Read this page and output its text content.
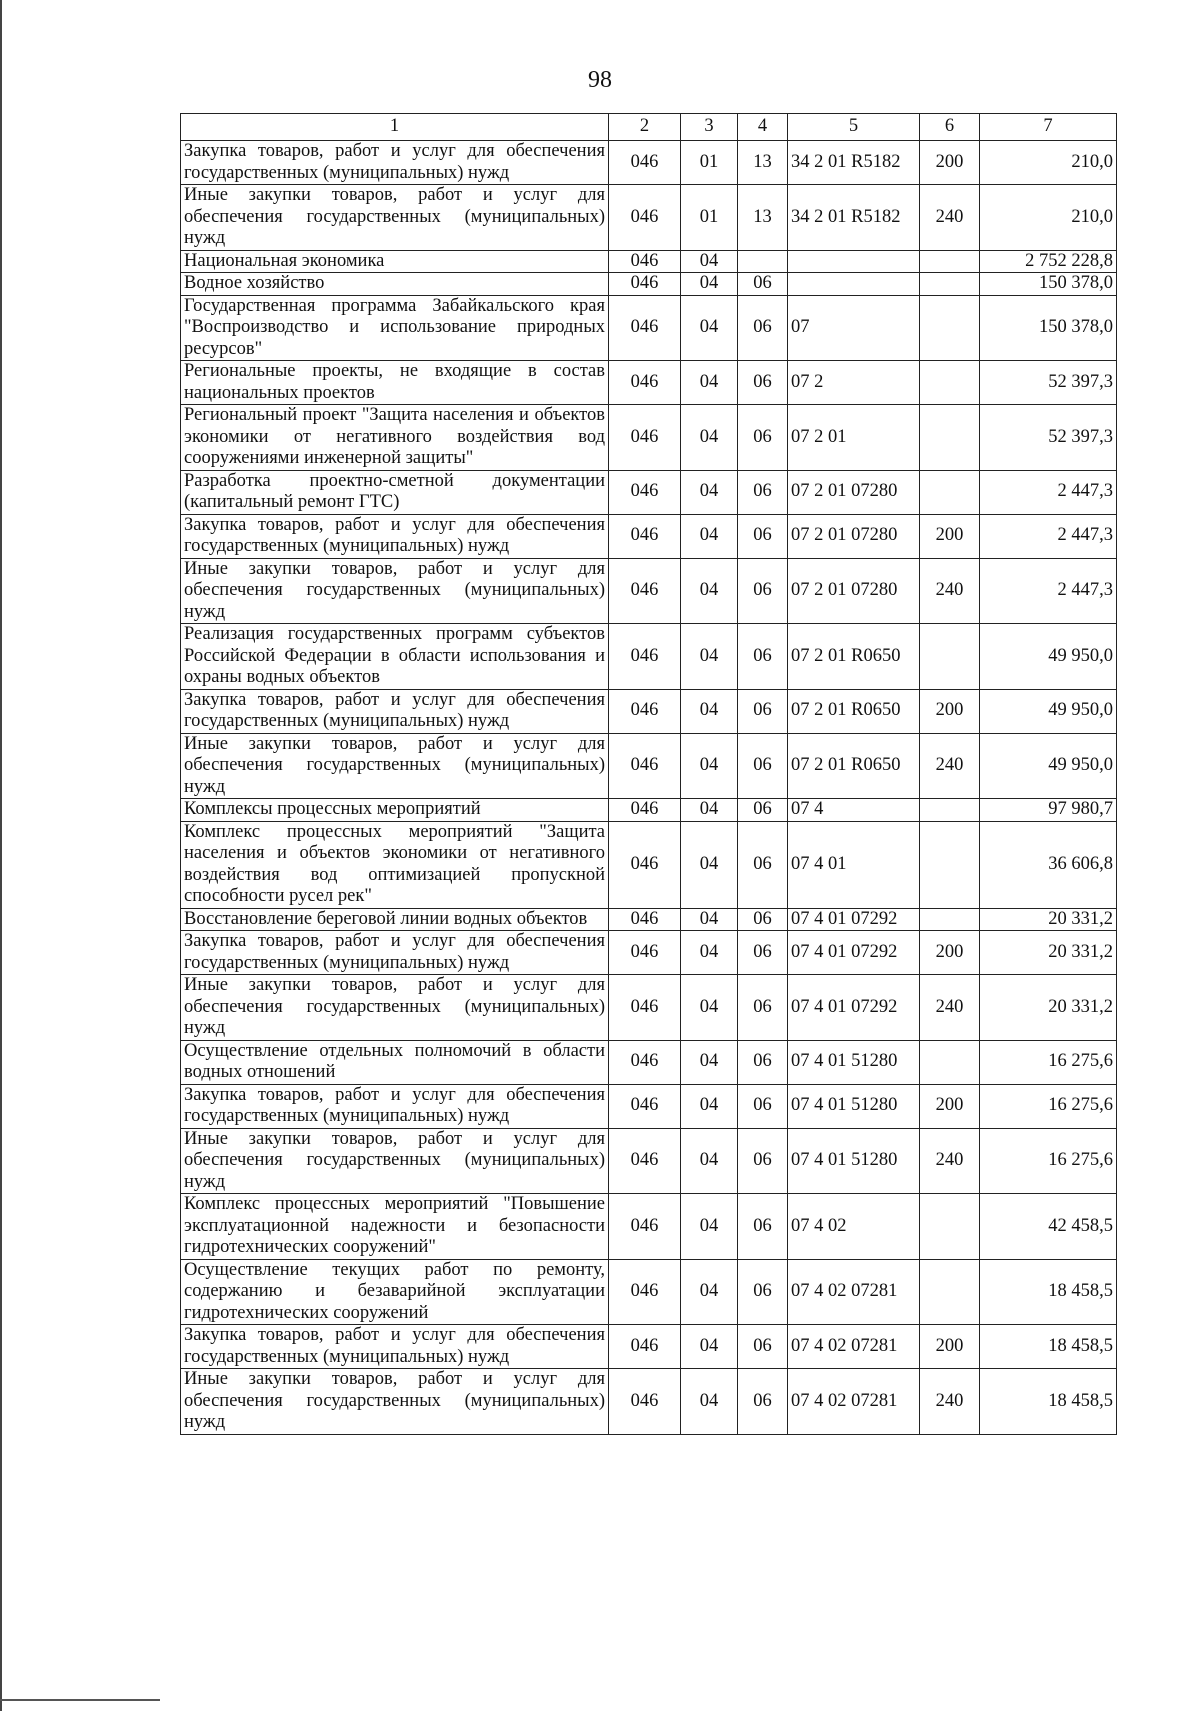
98
1	2	3	4	5	6	7
Закупка товаров, работ и услуг для обеспечения государственных (муниципальных) нужд	046	01	13	34 2 01 R5182	200	210,0
Иные закупки товаров, работ и услуг для обеспечения государственных (муниципальных) нужд	046	01	13	34 2 01 R5182	240	210,0
Национальная экономика	046	04				2 752 228,8
Водное хозяйство	046	04	06			150 378,0
Государственная программа Забайкальского края "Воспроизводство и использование природных ресурсов"	046	04	06	07		150 378,0
Региональные проекты, не входящие в состав национальных проектов	046	04	06	07 2		52 397,3
Региональный проект "Защита населения и объектов экономики от негативного воздействия вод сооружениями инженерной защиты"	046	04	06	07 2 01		52 397,3
Разработка проектно-сметной документации (капитальный ремонт ГТС)	046	04	06	07 2 01 07280		2 447,3
Закупка товаров, работ и услуг для обеспечения государственных (муниципальных) нужд	046	04	06	07 2 01 07280	200	2 447,3
Иные закупки товаров, работ и услуг для обеспечения государственных (муниципальных) нужд	046	04	06	07 2 01 07280	240	2 447,3
Реализация государственных программ субъектов Российской Федерации в области использования и охраны водных объектов	046	04	06	07 2 01 R0650		49 950,0
Закупка товаров, работ и услуг для обеспечения государственных (муниципальных) нужд	046	04	06	07 2 01 R0650	200	49 950,0
Иные закупки товаров, работ и услуг для обеспечения государственных (муниципальных) нужд	046	04	06	07 2 01 R0650	240	49 950,0
Комплексы процессных мероприятий	046	04	06	07 4		97 980,7
Комплекс процессных мероприятий "Защита населения и объектов экономики от негативного воздействия вод оптимизацией пропускной способности русел рек"	046	04	06	07 4 01		36 606,8
Восстановление береговой линии водных объектов	046	04	06	07 4 01 07292		20 331,2
Закупка товаров, работ и услуг для обеспечения государственных (муниципальных) нужд	046	04	06	07 4 01 07292	200	20 331,2
Иные закупки товаров, работ и услуг для обеспечения государственных (муниципальных) нужд	046	04	06	07 4 01 07292	240	20 331,2
Осуществление отдельных полномочий в области водных отношений	046	04	06	07 4 01 51280		16 275,6
Закупка товаров, работ и услуг для обеспечения государственных (муниципальных) нужд	046	04	06	07 4 01 51280	200	16 275,6
Иные закупки товаров, работ и услуг для обеспечения государственных (муниципальных) нужд	046	04	06	07 4 01 51280	240	16 275,6
Комплекс процессных мероприятий "Повышение эксплуатационной надежности и безопасности гидротехнических сооружений"	046	04	06	07 4 02		42 458,5
Осуществление текущих работ по ремонту, содержанию и безаварийной эксплуатации гидротехнических сооружений	046	04	06	07 4 02 07281		18 458,5
Закупка товаров, работ и услуг для обеспечения государственных (муниципальных) нужд	046	04	06	07 4 02 07281	200	18 458,5
Иные закупки товаров, работ и услуг для обеспечения государственных (муниципальных) нужд	046	04	06	07 4 02 07281	240	18 458,5
